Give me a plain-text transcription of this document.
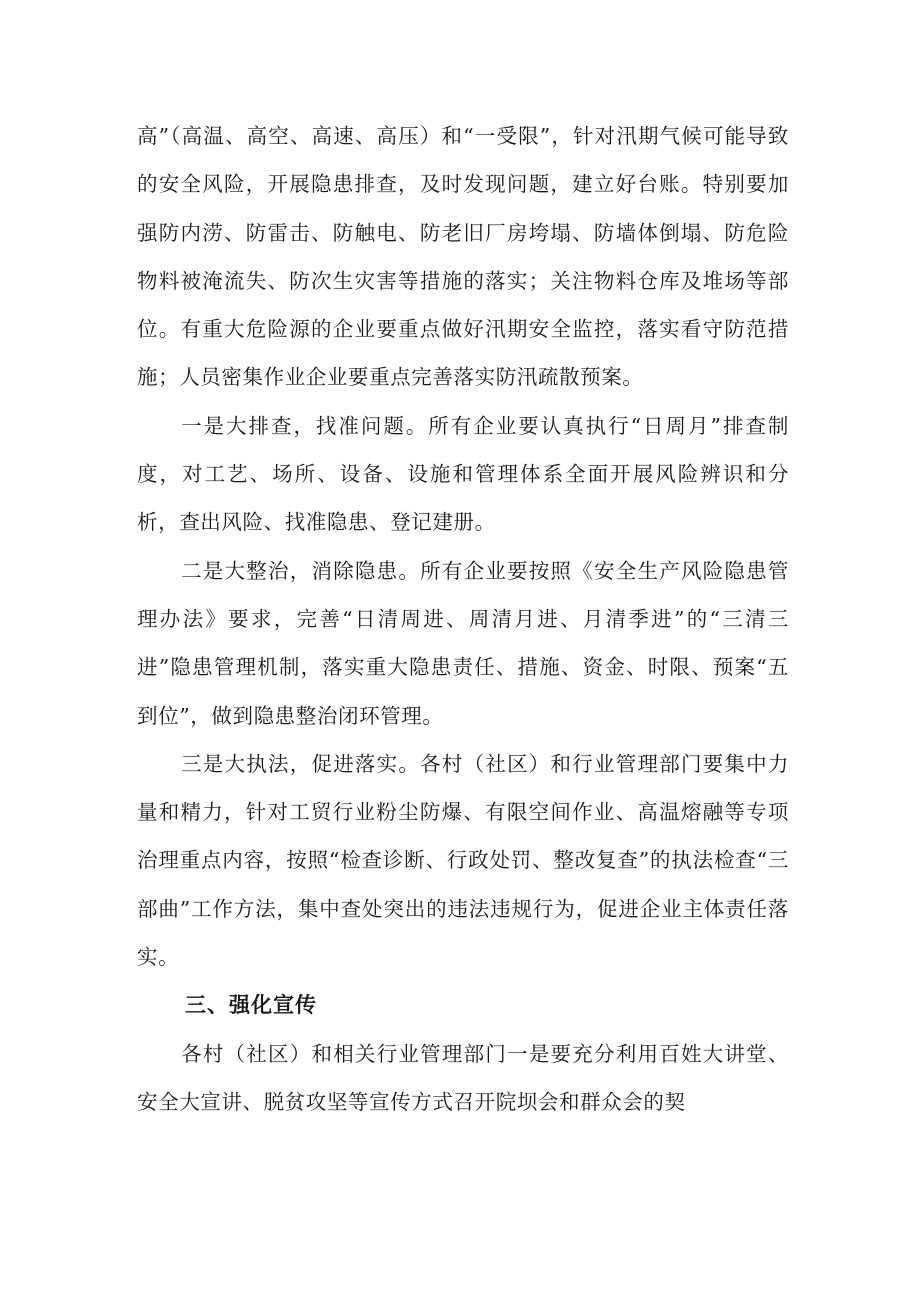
高”（高温、高空、高速、高压）和“一受限”，针对汛期气候可能导致的安全风险，开展隐患排查，及时发现问题，建立好台账。特别要加强防内涝、防雷击、防触电、防老旧厂房垮塌、防墙体倒塌、防危险物料被淹流失、防次生灾害等措施的落实；关注物料仓库及堆场等部位。有重大危险源的企业要重点做好汛期安全监控，落实看守防范措施；人员密集作业企业要重点完善落实防汛疏散预案。

一是大排查，找准问题。所有企业要认真执行“日周月”排查制度，对工艺、场所、设备、设施和管理体系全面开展风险辨识和分析，查出风险、找准隐患、登记建册。

二是大整治，消除隐患。所有企业要按照《安全生产风险隐患管理办法》要求，完善“日清周进、周清月进、月清季进”的“三清三进”隐患管理机制，落实重大隐患责任、措施、资金、时限、预案“五到位”，做到隐患整治闭环管理。

三是大执法，促进落实。各村（社区）和行业管理部门要集中力量和精力，针对工贸行业粉尘防爆、有限空间作业、高温熔融等专项治理重点内容，按照“检查诊断、行政处罚、整改复查”的执法检查“三部曲”工作方法，集中查处突出的违法违规行为，促进企业主体责任落实。

三、强化宣传

各村（社区）和相关行业管理部门一是要充分利用百姓大讲堂、安全大宣讲、脱贫攻坚等宣传方式召开院坝会和群众会的契
